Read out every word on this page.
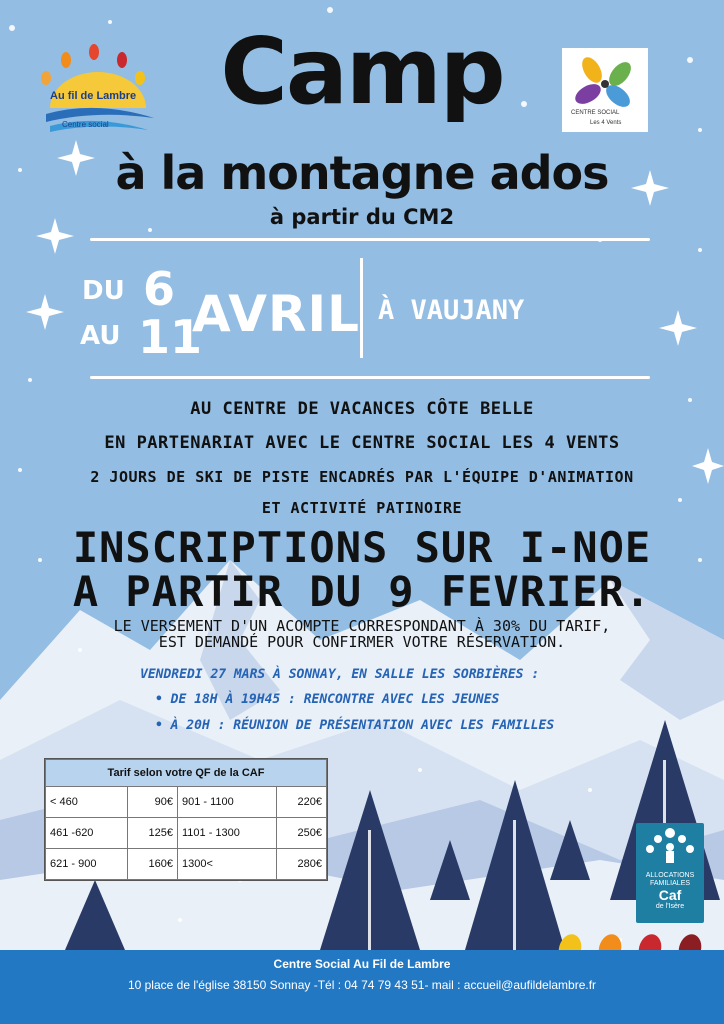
Au fil de Lambre
Centre social
CENTRE SOCIAL
Les 4 Vents
Camp
à la montagne ados
à partir du CM2
DU 6
AU 11
AVRIL À VAUJANY
AU CENTRE DE VACANCES CÔTE BELLE
EN PARTENARIAT AVEC LE CENTRE SOCIAL LES 4 VENTS
2 JOURS DE SKI DE PISTE ENCADRÉS PAR L'ÉQUIPE D'ANIMATION
ET ACTIVITÉ PATINOIRE
INSCRIPTIONS SUR I-NOE
A PARTIR DU 9 FEVRIER.
LE VERSEMENT D'UN ACOMPTE CORRESPONDANT À 30% DU TARIF,
EST DEMANDÉ POUR CONFIRMER VOTRE RÉSERVATION.
VENDREDI 27 MARS À SONNAY, EN SALLE LES SORBIÈRES :
• DE 18H À 19H45 : RENCONTRE AVEC LES JEUNES
• À 20H : RÉUNION DE PRÉSENTATION AVEC LES FAMILLES
Tarif selon votre QF de la CAF			
< 460	90€	901 - 1100	220€
461 -620	125€	1101 - 1300	250€
621 - 900	160€	1300<	280€
ALLOCATIONS
FAMILIALES
Caf
de l'Isère
Centre Social Au Fil de Lambre
10 place de l'église 38150 Sonnay -Tél : 04 74 79 43 51- mail : accueil@aufildelambre.fr
